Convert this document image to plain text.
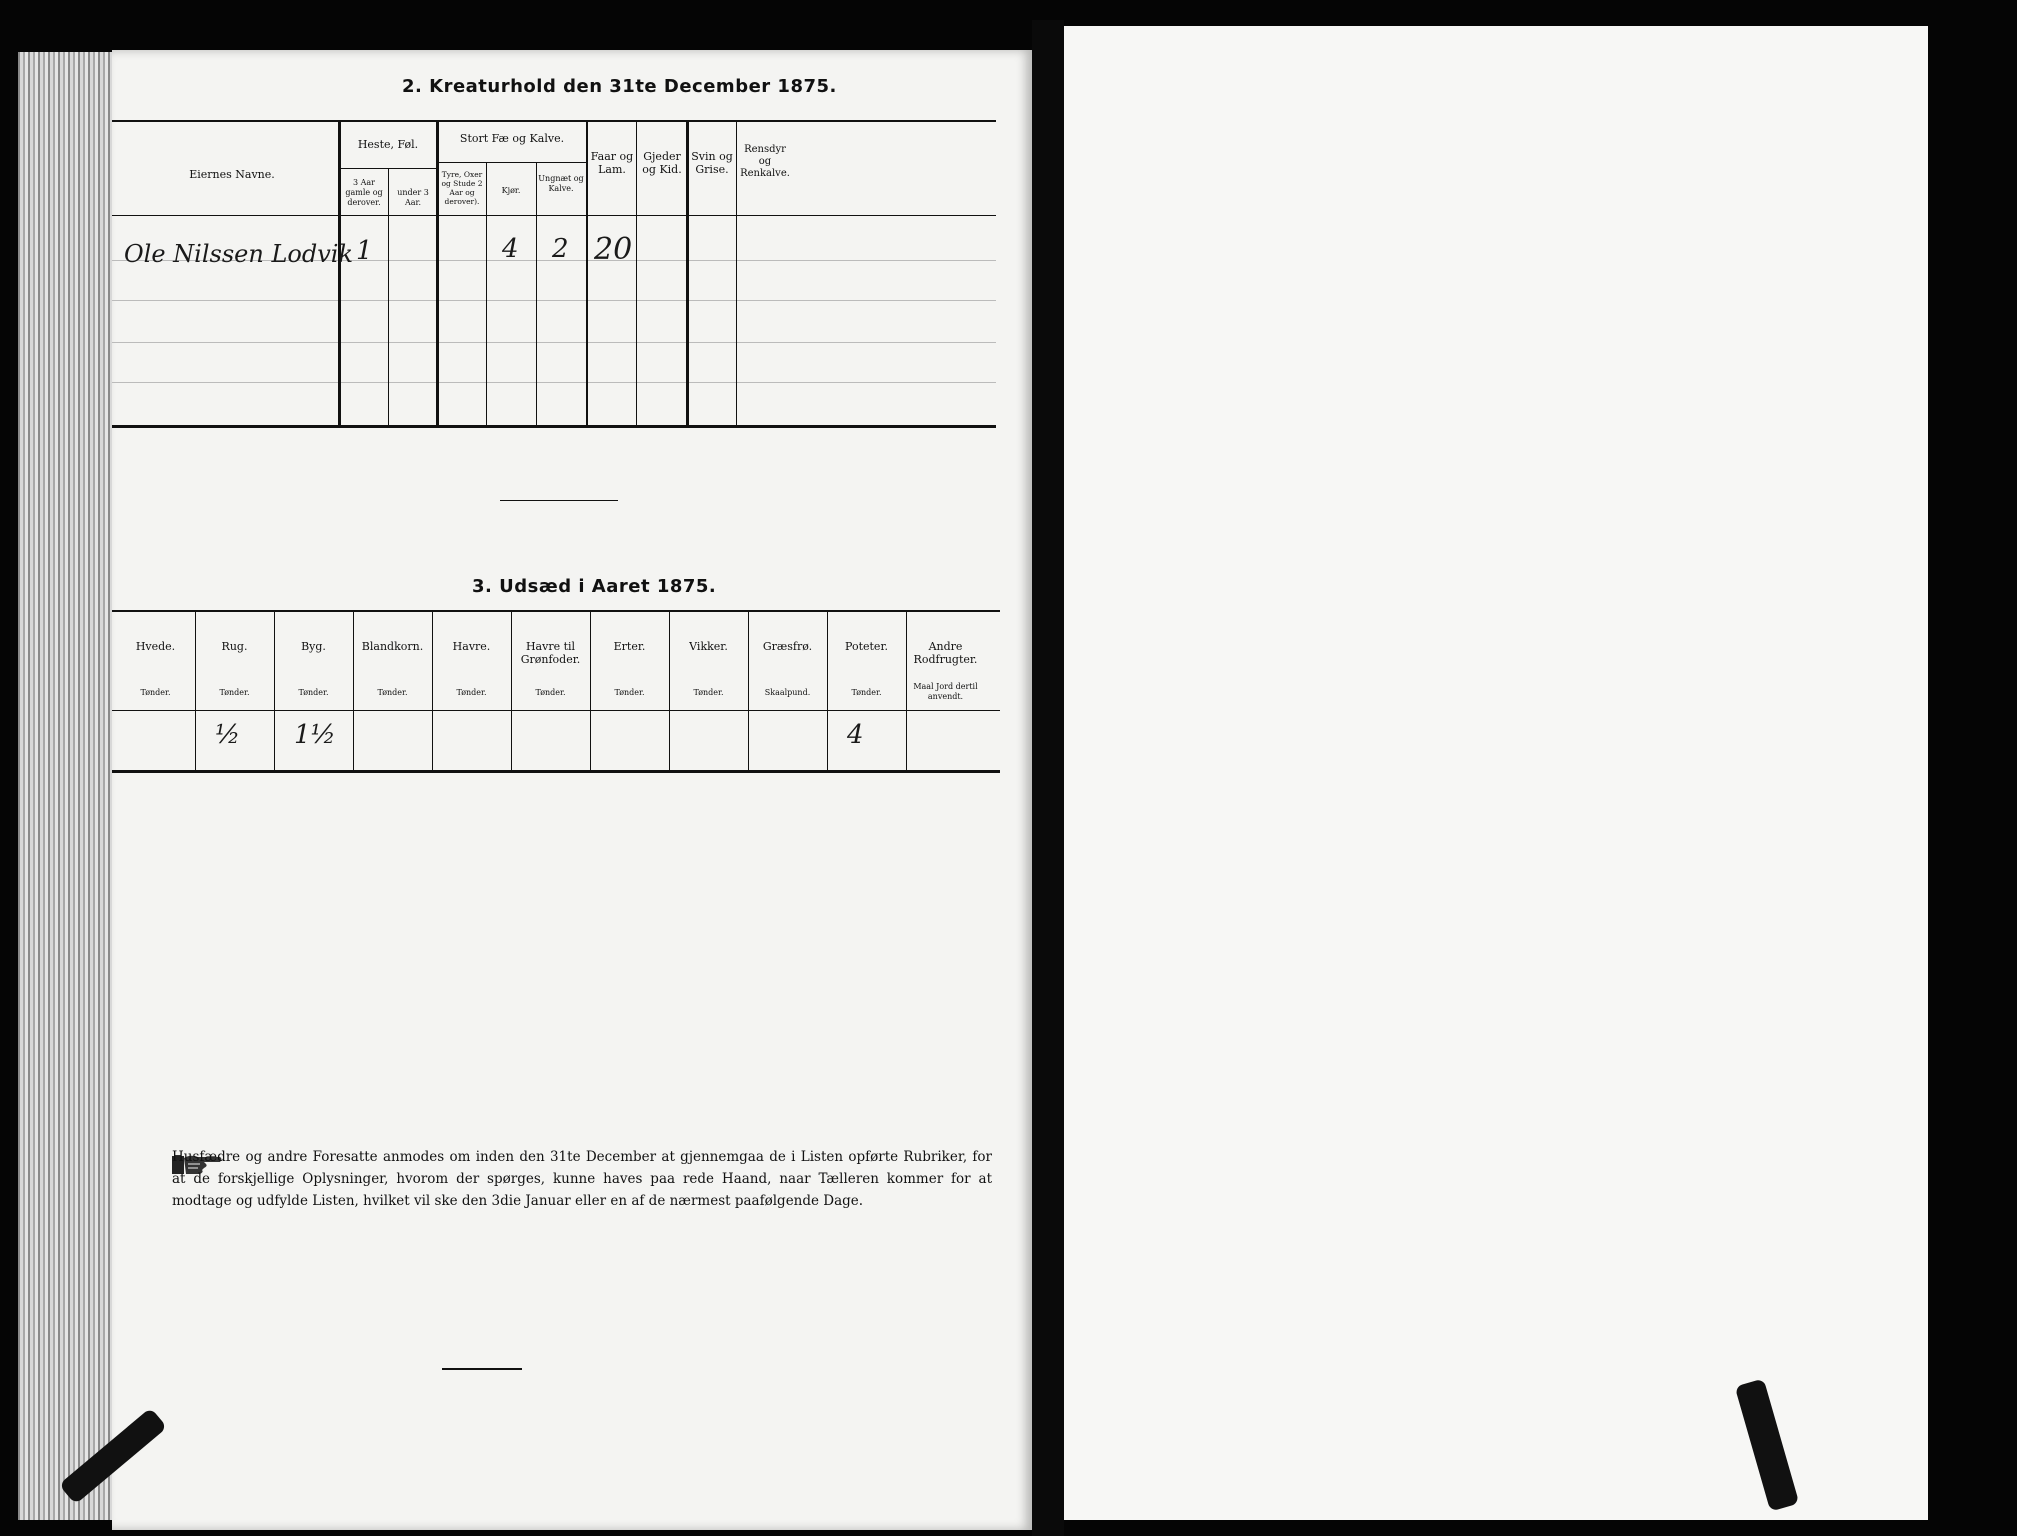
2. Kreaturhold den 31te December 1875.
Eiernes Navne.
Heste, Føl.
3 Aar gamle og derover.
under 3 Aar.
Stort Fæ og Kalve.
Tyre, Oxer og Stude 2 Aar og derover).
Kjør.
Ungnæt og Kalve.
Faar og Lam.
Gjeder og Kid.
Svin og Grise.
Rensdyr og Renkalve.
Ole Nilssen Lodvik 1	4 2 20
3. Udsæd i Aaret 1875.
Husfædre og andre Foresatte anmodes om inden den 31te December at gjennemgaa de i Listen opførte Rubriker, for at de forskjellige Oplysninger, hvorom der spørges, kunne haves paa rede Haand, naar Tælleren kommer for at modtage og udfylde Listen, hvilket vil ske den 3die Januar eller en af de nærmest paafølgende Dage.
Hvede.
Tønder.
Rug.
Tønder.
½
Byg.
Tønder.
1½
Blandkorn.
Tønder.
Havre.
Tønder.
Havre til Grønfoder.
Tønder.
Erter.
Tønder.
Vikker.
Tønder.
Græsfrø.
Skaalpund.
Poteter.
Tønder.
4
Andre Rodfrugter.
Maal Jord dertil anvendt.
